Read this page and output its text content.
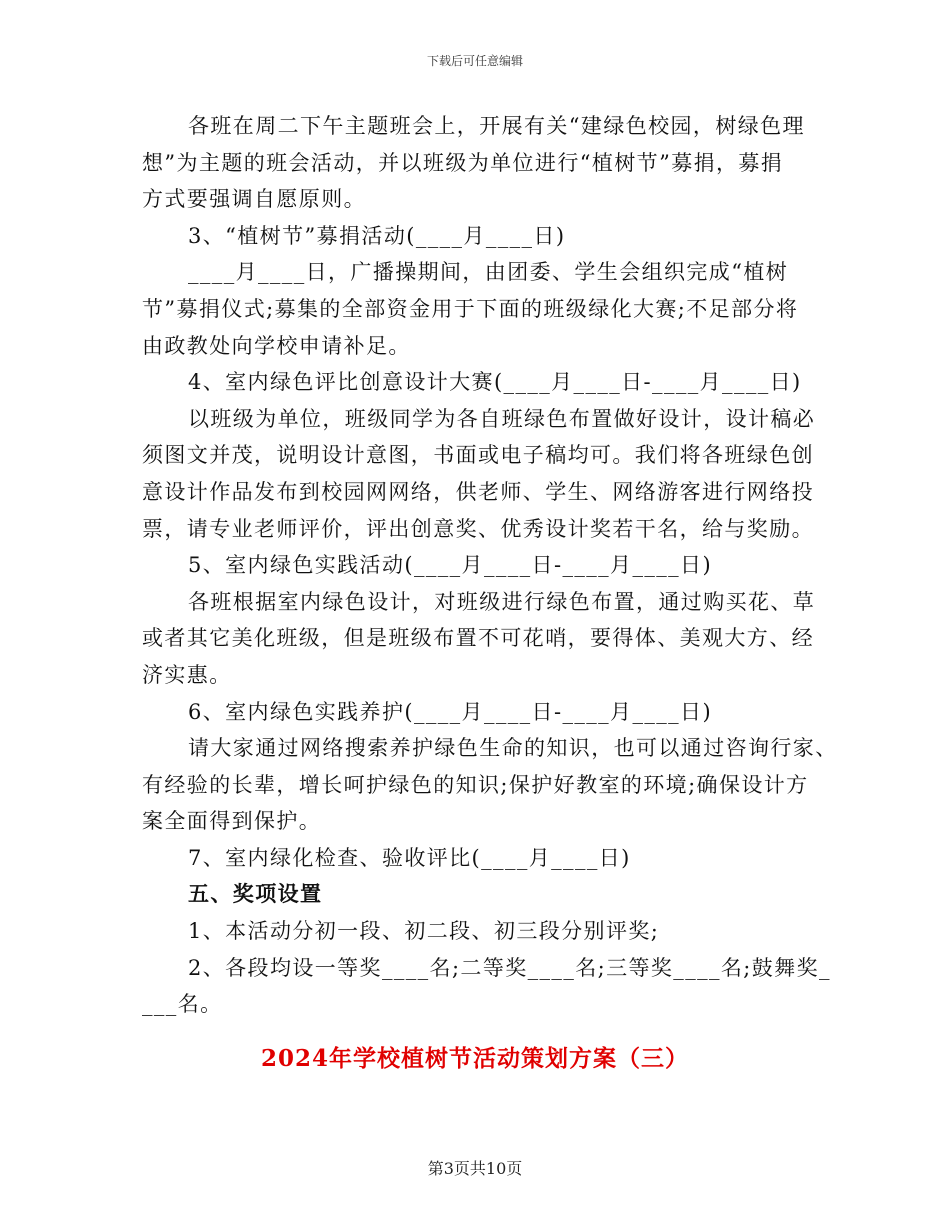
下载后可任意编辑
各班在周二下午主题班会上，开展有关“建绿色校园，树绿色理
想”为主题的班会活动，并以班级为单位进行“植树节”募捐，募捐
方式要强调自愿原则。
3、“植树节”募捐活动(____月____日)
____月____日，广播操期间，由团委、学生会组织完成“植树
节”募捐仪式;募集的全部资金用于下面的班级绿化大赛;不足部分将
由政教处向学校申请补足。
4、室内绿色评比创意设计大赛(____月____日-____月____日)
以班级为单位，班级同学为各自班绿色布置做好设计，设计稿必
须图文并茂，说明设计意图，书面或电子稿均可。我们将各班绿色创
意设计作品发布到校园网网络，供老师、学生、网络游客进行网络投
票，请专业老师评价，评出创意奖、优秀设计奖若干名，给与奖励。
5、室内绿色实践活动(____月____日-____月____日)
各班根据室内绿色设计，对班级进行绿色布置，通过购买花、草
或者其它美化班级，但是班级布置不可花哨，要得体、美观大方、经
济实惠。
6、室内绿色实践养护(____月____日-____月____日)
请大家通过网络搜索养护绿色生命的知识，也可以通过咨询行家、
有经验的长辈，增长呵护绿色的知识;保护好教室的环境;确保设计方
案全面得到保护。
7、室内绿化检查、验收评比(____月____日)
五、奖项设置
1、本活动分初一段、初二段、初三段分别评奖;
2、各段均设一等奖____名;二等奖____名;三等奖____名;鼓舞奖_
___名。
2024年学校植树节活动策划方案（三）
第3页共10页
